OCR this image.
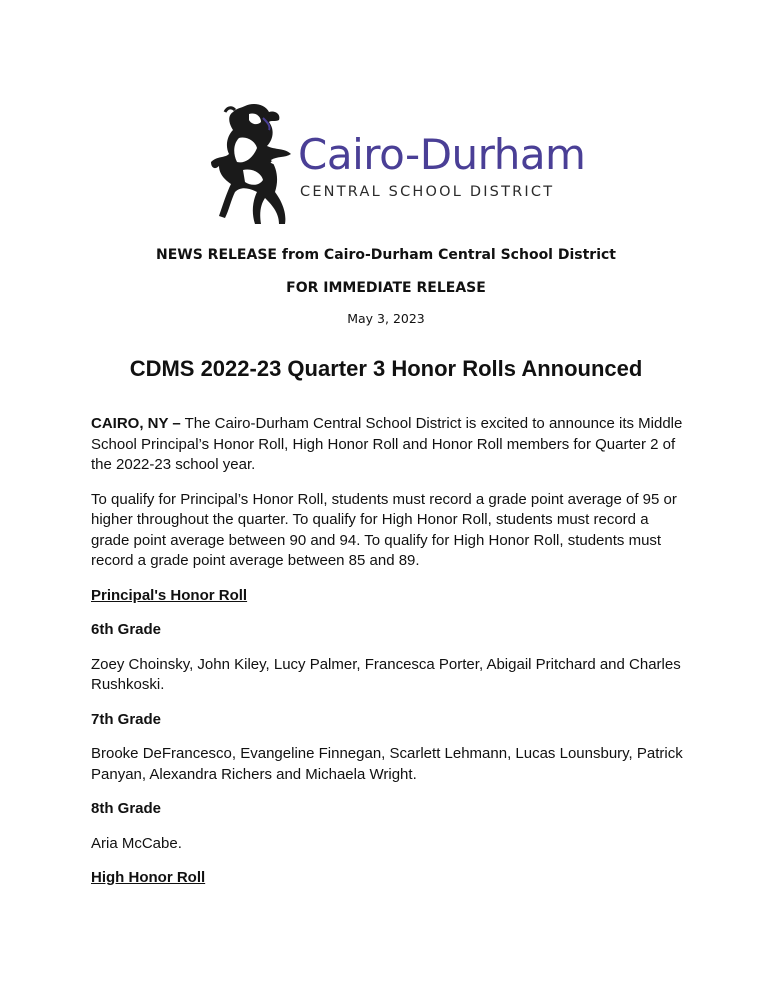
Cairo-Durham
CENTRAL SCHOOL DISTRICT
NEWS RELEASE from Cairo-Durham Central School District
FOR IMMEDIATE RELEASE
May 3, 2023
CDMS 2022-23 Quarter 3 Honor Rolls Announced

CAIRO, NY – The Cairo-Durham Central School District is excited to announce its Middle School Principal’s Honor Roll, High Honor Roll and Honor Roll members for Quarter 2 of the 2022-23 school year.

To qualify for Principal’s Honor Roll, students must record a grade point average of 95 or higher throughout the quarter. To qualify for High Honor Roll, students must record a grade point average between 90 and 94. To qualify for High Honor Roll, students must record a grade point average between 85 and 89.

Principal's Honor Roll

6th Grade

Zoey Choinsky, John Kiley, Lucy Palmer, Francesca Porter, Abigail Pritchard and Charles Rushkoski.

7th Grade

Brooke DeFrancesco, Evangeline Finnegan, Scarlett Lehmann, Lucas Lounsbury, Patrick Panyan, Alexandra Richers and Michaela Wright.

8th Grade

Aria McCabe.

High Honor Roll
